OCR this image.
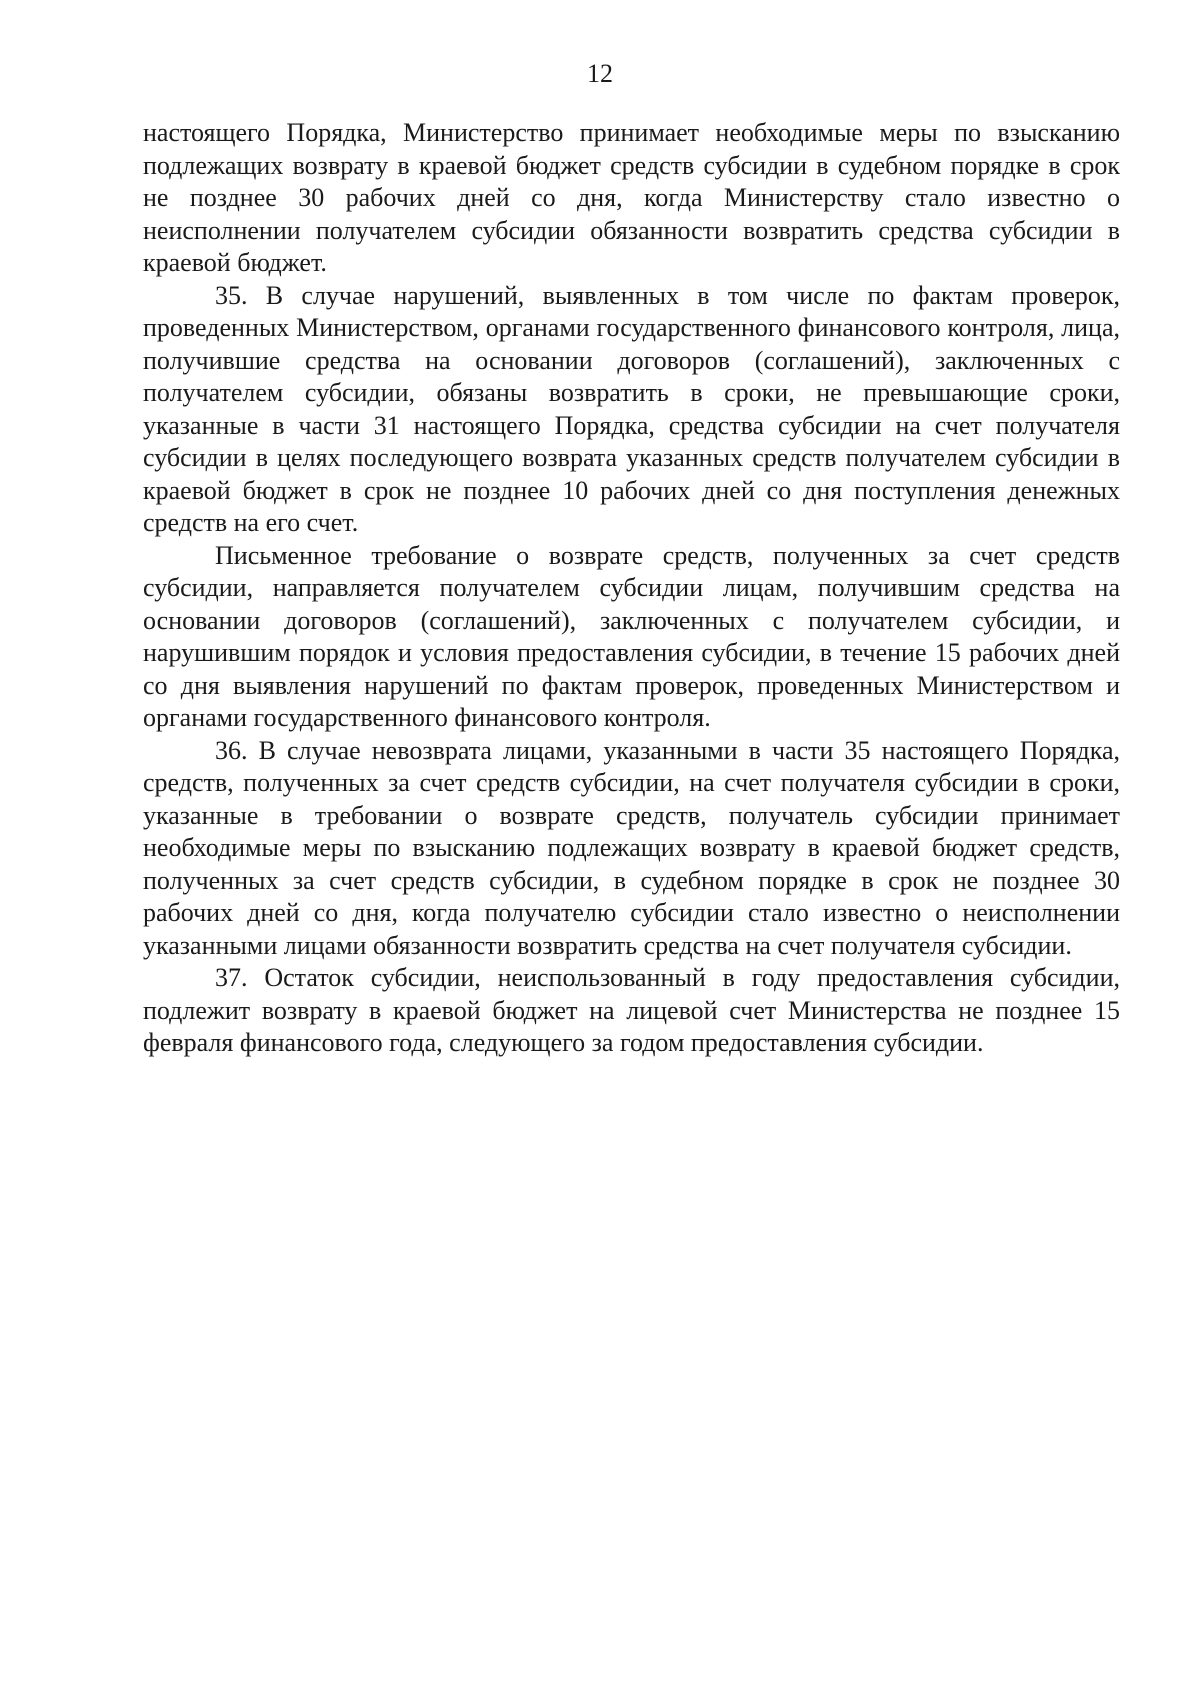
12

настоящего Порядка, Министерство принимает необходимые меры по взысканию подлежащих возврату в краевой бюджет средств субсидии в судебном порядке в срок не позднее 30 рабочих дней со дня, когда Министерству стало известно о неисполнении получателем субсидии обязанности возвратить средства субсидии в краевой бюджет.

35. В случае нарушений, выявленных в том числе по фактам проверок, проведенных Министерством, органами государственного финансового контроля, лица, получившие средства на основании договоров (соглашений), заключенных с получателем субсидии, обязаны возвратить в сроки, не превышающие сроки, указанные в части 31 настоящего Порядка, средства субсидии на счет получателя субсидии в целях последующего возврата указанных средств получателем субсидии в краевой бюджет в срок не позднее 10 рабочих дней со дня поступления денежных средств на его счет.

Письменное требование о возврате средств, полученных за счет средств субсидии, направляется получателем субсидии лицам, получившим средства на основании договоров (соглашений), заключенных с получателем субсидии, и нарушившим порядок и условия предоставления субсидии, в течение 15 рабочих дней со дня выявления нарушений по фактам проверок, проведенных Министерством и органами государственного финансового контроля.

36. В случае невозврата лицами, указанными в части 35 настоящего Порядка, средств, полученных за счет средств субсидии, на счет получателя субсидии в сроки, указанные в требовании о возврате средств, получатель субсидии принимает необходимые меры по взысканию подлежащих возврату в краевой бюджет средств, полученных за счет средств субсидии, в судебном порядке в срок не позднее 30 рабочих дней со дня, когда получателю субсидии стало известно о неисполнении указанными лицами обязанности возвратить средства на счет получателя субсидии.

37. Остаток субсидии, неиспользованный в году предоставления субсидии, подлежит возврату в краевой бюджет на лицевой счет Министерства не позднее 15 февраля финансового года, следующего за годом предоставления субсидии.
